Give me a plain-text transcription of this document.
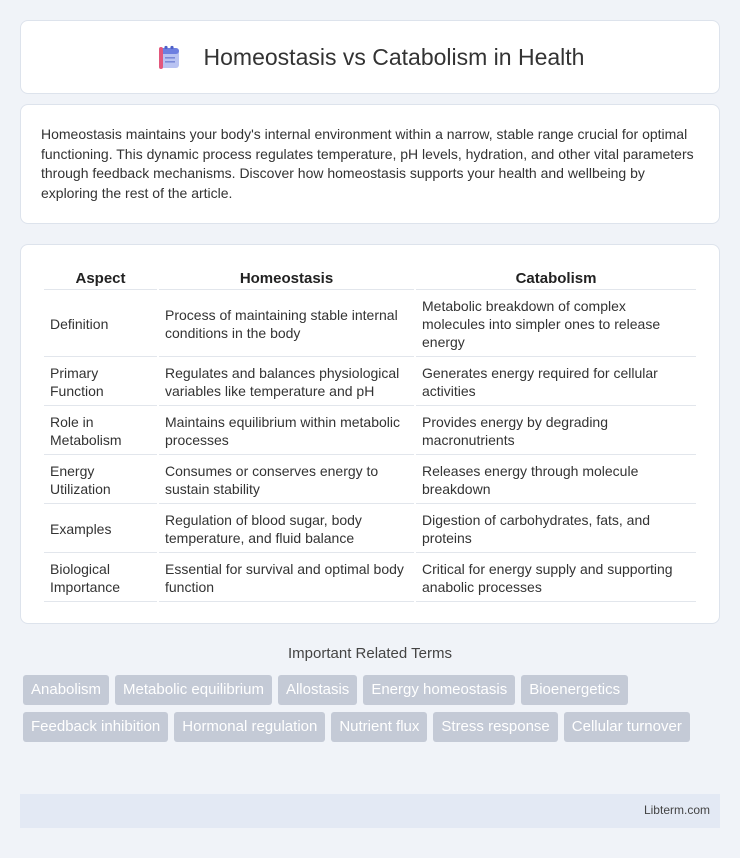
Homeostasis vs Catabolism in Health

Homeostasis maintains your body's internal environment within a narrow, stable range crucial for optimal functioning. This dynamic process regulates temperature, pH levels, hydration, and other vital parameters through feedback mechanisms. Discover how homeostasis supports your health and wellbeing by exploring the rest of the article.

Aspect	Homeostasis	Catabolism
Definition	Process of maintaining stable internal conditions in the body	Metabolic breakdown of complex molecules into simpler ones to release energy
Primary Function	Regulates and balances physiological variables like temperature and pH	Generates energy required for cellular activities
Role in Metabolism	Maintains equilibrium within metabolic processes	Provides energy by degrading macronutrients
Energy Utilization	Consumes or conserves energy to sustain stability	Releases energy through molecule breakdown
Examples	Regulation of blood sugar, body temperature, and fluid balance	Digestion of carbohydrates, fats, and proteins
Biological Importance	Essential for survival and optimal body function	Critical for energy supply and supporting anabolic processes
Important Related Terms
Anabolism	Metabolic equilibrium	Allostasis	Energy homeostasis	Bioenergetics
Feedback inhibition	Hormonal regulation	Nutrient flux	Stress response	Cellular turnover
Libterm.com
